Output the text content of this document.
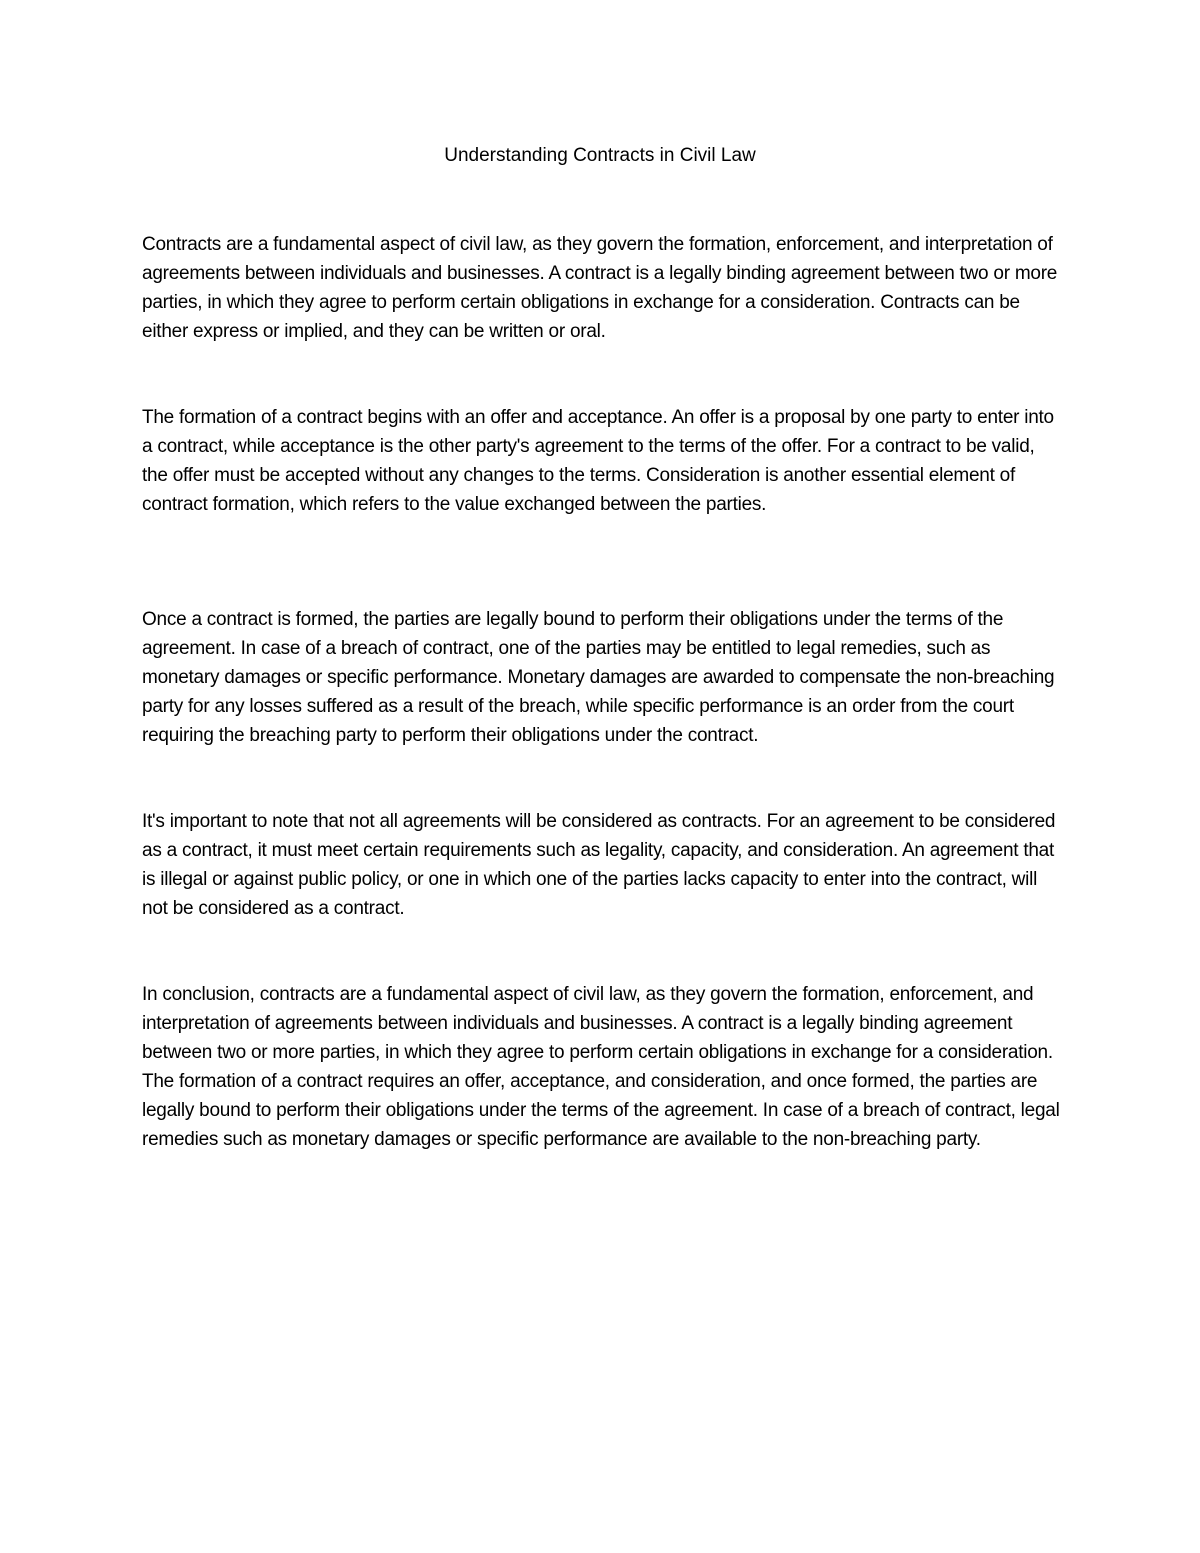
Understanding Contracts in Civil Law

Contracts are a fundamental aspect of civil law, as they govern the formation, enforcement, and interpretation of agreements between individuals and businesses. A contract is a legally binding agreement between two or more parties, in which they agree to perform certain obligations in exchange for a consideration. Contracts can be either express or implied, and they can be written or oral.

The formation of a contract begins with an offer and acceptance. An offer is a proposal by one party to enter into a contract, while acceptance is the other party's agreement to the terms of the offer. For a contract to be valid, the offer must be accepted without any changes to the terms. Consideration is another essential element of contract formation, which refers to the value exchanged between the parties.

Once a contract is formed, the parties are legally bound to perform their obligations under the terms of the agreement. In case of a breach of contract, one of the parties may be entitled to legal remedies, such as monetary damages or specific performance. Monetary damages are awarded to compensate the non-breaching party for any losses suffered as a result of the breach, while specific performance is an order from the court requiring the breaching party to perform their obligations under the contract.

It's important to note that not all agreements will be considered as contracts. For an agreement to be considered as a contract, it must meet certain requirements such as legality, capacity, and consideration. An agreement that is illegal or against public policy, or one in which one of the parties lacks capacity to enter into the contract, will not be considered as a contract.

In conclusion, contracts are a fundamental aspect of civil law, as they govern the formation, enforcement, and interpretation of agreements between individuals and businesses. A contract is a legally binding agreement between two or more parties, in which they agree to perform certain obligations in exchange for a consideration. The formation of a contract requires an offer, acceptance, and consideration, and once formed, the parties are legally bound to perform their obligations under the terms of the agreement. In case of a breach of contract, legal remedies such as monetary damages or specific performance are available to the non-breaching party.
